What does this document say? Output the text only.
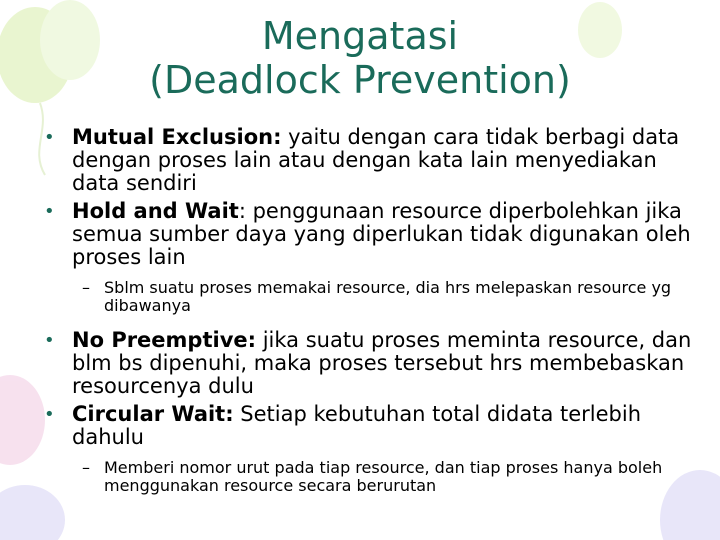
Mengatasi
(Deadlock Prevention)
• Mutual Exclusion: yaitu dengan cara tidak berbagi data dengan proses lain atau dengan kata lain menyediakan data sendiri
• Hold and Wait: penggunaan resource diperbolehkan jika semua sumber daya yang diperlukan tidak digunakan oleh proses lain
– Sblm suatu proses memakai resource, dia hrs melepaskan resource yg dibawanya
• No Preemptive: jika suatu proses meminta resource, dan blm bs dipenuhi, maka proses tersebut hrs membebaskan resourcenya dulu
• Circular Wait: Setiap kebutuhan total didata terlebih dahulu
– Memberi nomor urut pada tiap resource, dan tiap proses hanya boleh menggunakan resource secara berurutan
